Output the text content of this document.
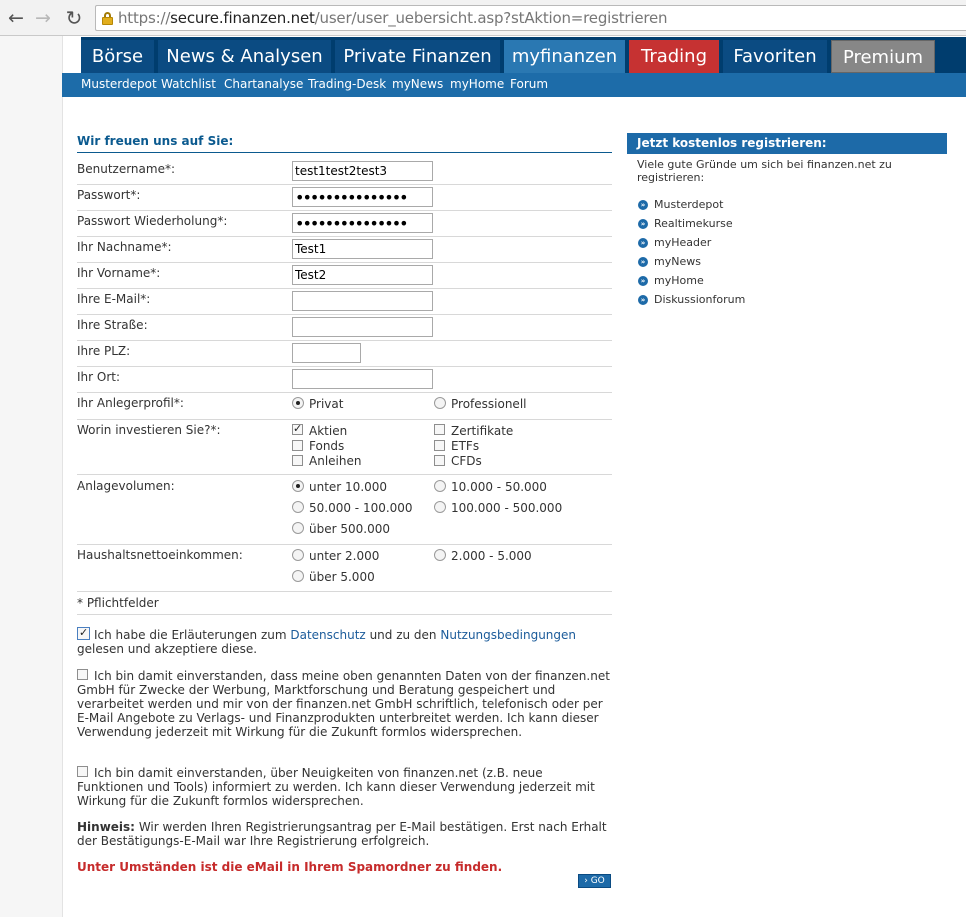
← → ↻ https://secure.finanzen.net/user/user_uebersicht.asp?stAktion=registrieren
Börse	News & Analysen	Private Finanzen	myfinanzen	Trading	Favoriten	Premium
Musterdepot Watchlist Chartanalyse Trading-Desk myNews myHome Forum
Wir freuen uns auf Sie:
Benutzername*:
test1test2test3
Passwort*:
•••••••••••••••
Passwort Wiederholung*:
•••••••••••••••
Ihr Nachname*:
Test1
Ihr Vorname*:
Test2
Ihre E-Mail*:
Ihre Straße:
Ihre PLZ:
Ihr Ort:
Ihr Anlegerprofil*:	Privat	Professionell
Worin investieren Sie?*:
✓	Aktien
Fonds
Anleihen
Zertifikate
ETFs
CFDs
Anlagevolumen:	unter 10.000	10.000 - 50.000
50.000 - 100.000	100.000 - 500.000
über 500.000
Haushaltsnettoeinkommen:	unter 2.000	2.000 - 5.000
über 5.000
* Pflichtfelder
✓
Ich habe die Erläuterungen zum Datenschutz und zu den Nutzungsbedingungen gelesen und akzeptiere diese.
Ich bin damit einverstanden, dass meine oben genannten Daten von der finanzen.net GmbH für Zwecke der Werbung, Marktforschung und Beratung gespeichert und verarbeitet werden und mir von der finanzen.net GmbH schriftlich, telefonisch oder per E-Mail Angebote zu Verlags- und Finanzprodukten unterbreitet werden. Ich kann dieser Verwendung jederzeit mit Wirkung für die Zukunft formlos widersprechen.
Ich bin damit einverstanden, über Neuigkeiten von finanzen.net (z.B. neue Funktionen und Tools) informiert zu werden. Ich kann dieser Verwendung jederzeit mit Wirkung für die Zukunft formlos widersprechen.
Hinweis: Wir werden Ihren Registrierungsantrag per E-Mail bestätigen. Erst nach Erhalt der Bestätigungs-E-Mail war Ihre Registrierung erfolgreich.
Unter Umständen ist die eMail in Ihrem Spamordner zu finden.
› GO
Jetzt kostenlos registrieren:
Viele gute Gründe um sich bei finanzen.net zu registrieren:
» Musterdepot
» Realtimekurse
» myHeader
» myNews
» myHome
» Diskussionforum
